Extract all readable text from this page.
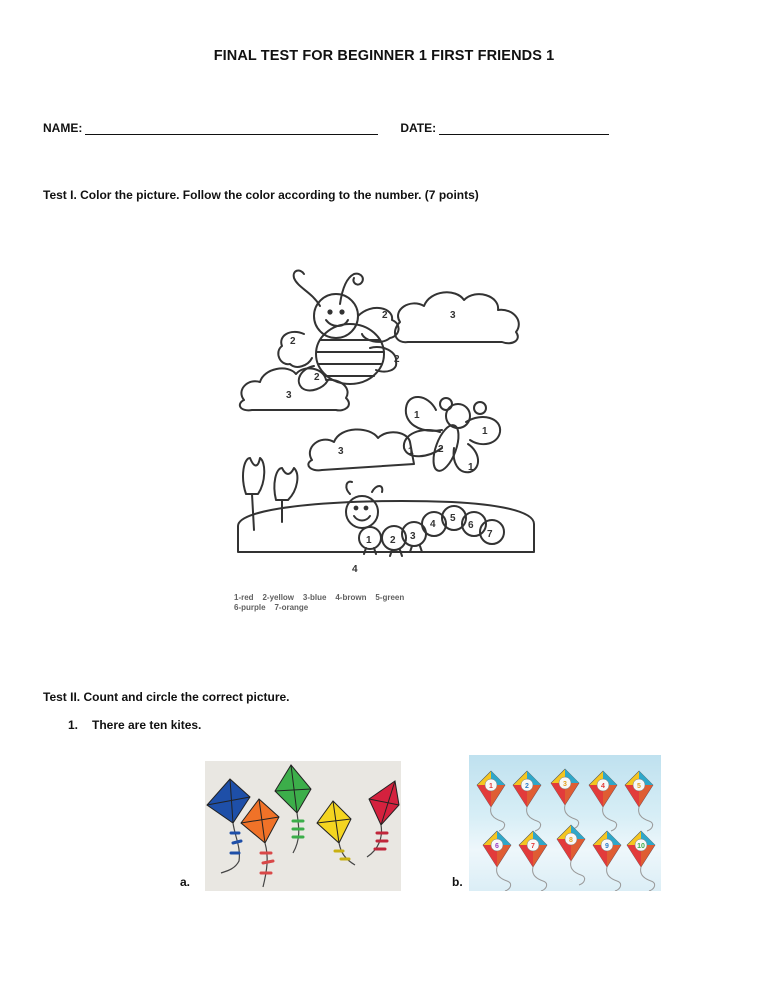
FINAL TEST FOR BEGINNER 1 FIRST FRIENDS 1
NAME:	DATE:
Test I. Color the picture. Follow the color according to the number. (7 points)
2
2
2
2
3
3
3
1
1
1
1
2
1 2 3
4
5
6
7
4
1-red    2-yellow    3-blue    4-brown    5-green
6-purple    7-orange
Test II. Count and circle the correct picture.
1. There are ten kites.
a.	b.
1	2	3	4	5
6	7
8
9	10
